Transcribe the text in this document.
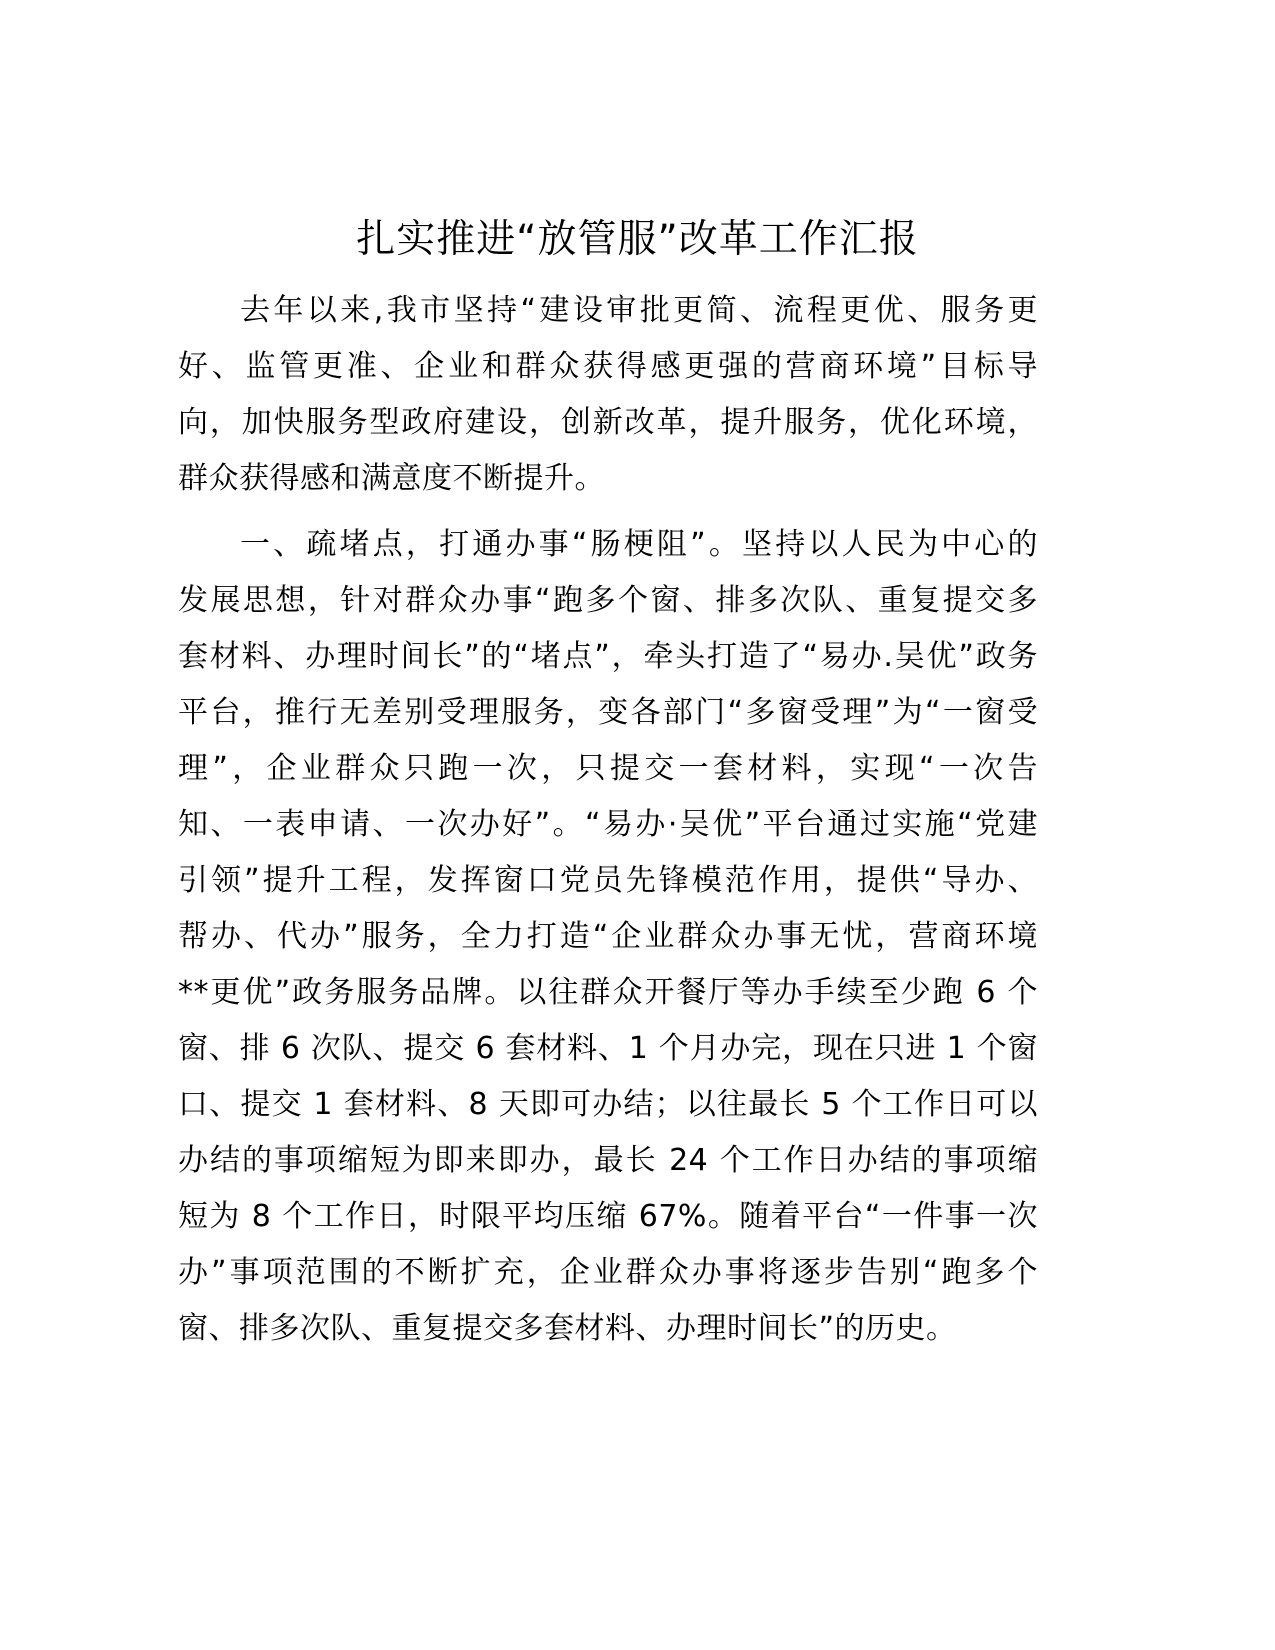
扎实推进“放管服”改革工作汇报
去年以来,我市坚持“建设审批更简、流程更优、服务更
好、监管更准、企业和群众获得感更强的营商环境”目标导
向，加快服务型政府建设，创新改革，提升服务，优化环境，
群众获得感和满意度不断提升。
一、疏堵点，打通办事“肠梗阻”。坚持以人民为中心的
发展思想，针对群众办事“跑多个窗、排多次队、重复提交多
套材料、办理时间长”的“堵点”，牵头打造了“易办.吴优”政务
平台，推行无差别受理服务，变各部门“多窗受理”为“一窗受
理”，企业群众只跑一次，只提交一套材料，实现“一次告
知、一表申请、一次办好”。“易办·吴优”平台通过实施“党建
引领”提升工程，发挥窗口党员先锋模范作用，提供“导办、
帮办、代办”服务，全力打造“企业群众办事无忧，营商环境
**更优”政务服务品牌。以往群众开餐厅等办手续至少跑 6 个
窗、排 6 次队、提交 6 套材料、1 个月办完，现在只进 1 个窗
口、提交 1 套材料、8 天即可办结；以往最长 5 个工作日可以
办结的事项缩短为即来即办，最长 24 个工作日办结的事项缩
短为 8 个工作日，时限平均压缩 67%。随着平台“一件事一次
办”事项范围的不断扩充，企业群众办事将逐步告别“跑多个
窗、排多次队、重复提交多套材料、办理时间长”的历史。
